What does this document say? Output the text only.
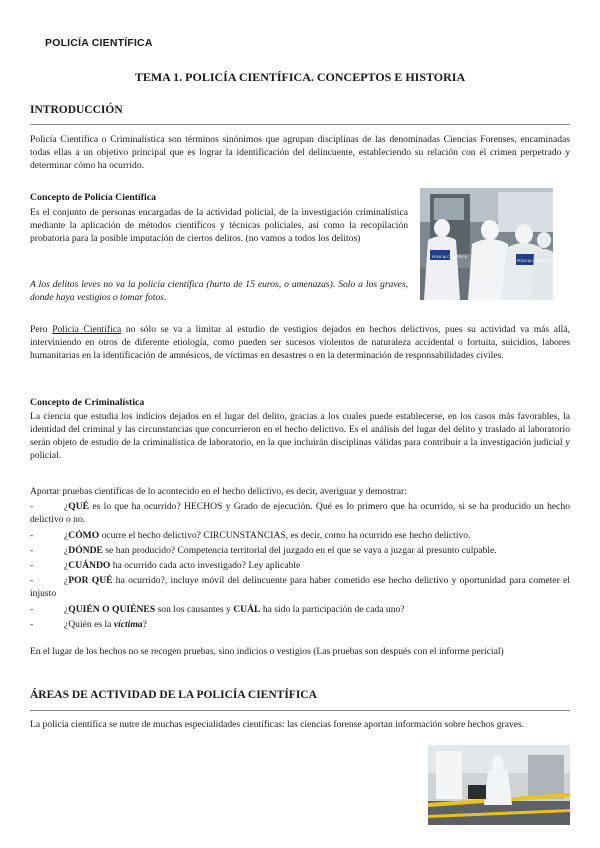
POLICÍA CIENTÍFICA
TEMA 1. POLICÍA CIENTÍFICA. CONCEPTOS E HISTORIA
INTRODUCCIÓN
Policía Científica o Criminalística son términos sinónimos que agrupan disciplinas de las denominadas Ciencias Forenses, encaminadas todas ellas a un objetivo principal que es lograr la identificación del delincuente, estableciendo su relación con el crimen perpetrado y determinar cómo ha ocurrido.
Concepto de Policía Científica
Es el conjunto de personas encargadas de la actividad policial, de la investigación criminalística mediante la aplicación de métodos científicos y técnicas policiales, así como la recopilación probatoria para la posible imputación de ciertos delitos. (no vamos a todos los delitos)
A los delitos leves no va la policía científica (hurto de 15 euros, o amenazas). Solo a los graves, donde haya vestigios o tomar fotos.
POLICIA CIENTIFICA
POLICIA CIENTIFICA
Pero Policía Científica no sólo se va a limitar al estudio de vestigios dejados en hechos delictivos, pues su actividad va más allá, interviniendo en otros de diferente etiología, como pueden ser sucesos violentos de naturaleza accidental o fortuita, suicidios, labores humanitarias en la identificación de amnésicos, de víctimas en desastres o en la determinación de responsabilidades civiles.
Concepto de Criminalística
La ciencia que estudia los indicios dejados en el lugar del delito, gracias a los cuales puede establecerse, en los casos más favorables, la identidad del criminal y las circunstancias que concurrieron en el hecho delictivo. Es el análisis del lugar del delito y traslado al laboratorio serán objeto de estudio de la criminalística de laboratorio, en la que incluirán disciplinas válidas para contribuir a la investigación judicial y policial.
Aportar pruebas científicas de lo acontecido en el hecho delictivo, es decir, averiguar y demostrar:
-	¿QUÉ es lo que ha ocurrido? HECHOS y Grado de ejecución. Qué es lo primero que ha ocurrido, si se ha producido un hecho delictivo o no.
-	¿CÓMO ocurre el hecho delictivo? CIRCUNSTANCIAS, es decir, como ha ocurrido ese hecho delictivo.
-	¿DÓNDE se han producido? Competencia territorial del juzgado en el que se vaya a juzgar al presunto culpable.
-	¿CUÁNDO ha ocurrido cada acto investigado? Ley aplicable
-	¿POR QUÉ ha ocurrido?, incluye móvil del delincuente para haber cometido ese hecho delictivo y oportunidad para cometer el injusto
-	¿QUIÉN O QUIÉNES son los causantes y CUÁL ha sido la participación de cada uno?
-	¿Quién es la víctima?
En el lugar de los hechos no se recogen pruebas, sino indicios o vestigios (Las pruebas son después con el informe pericial)
ÁREAS DE ACTIVIDAD DE LA POLICÍA CIENTÍFICA
La policía científica se nutre de muchas especialidades científicas: las ciencias forense aportan información sobre hechos graves.
